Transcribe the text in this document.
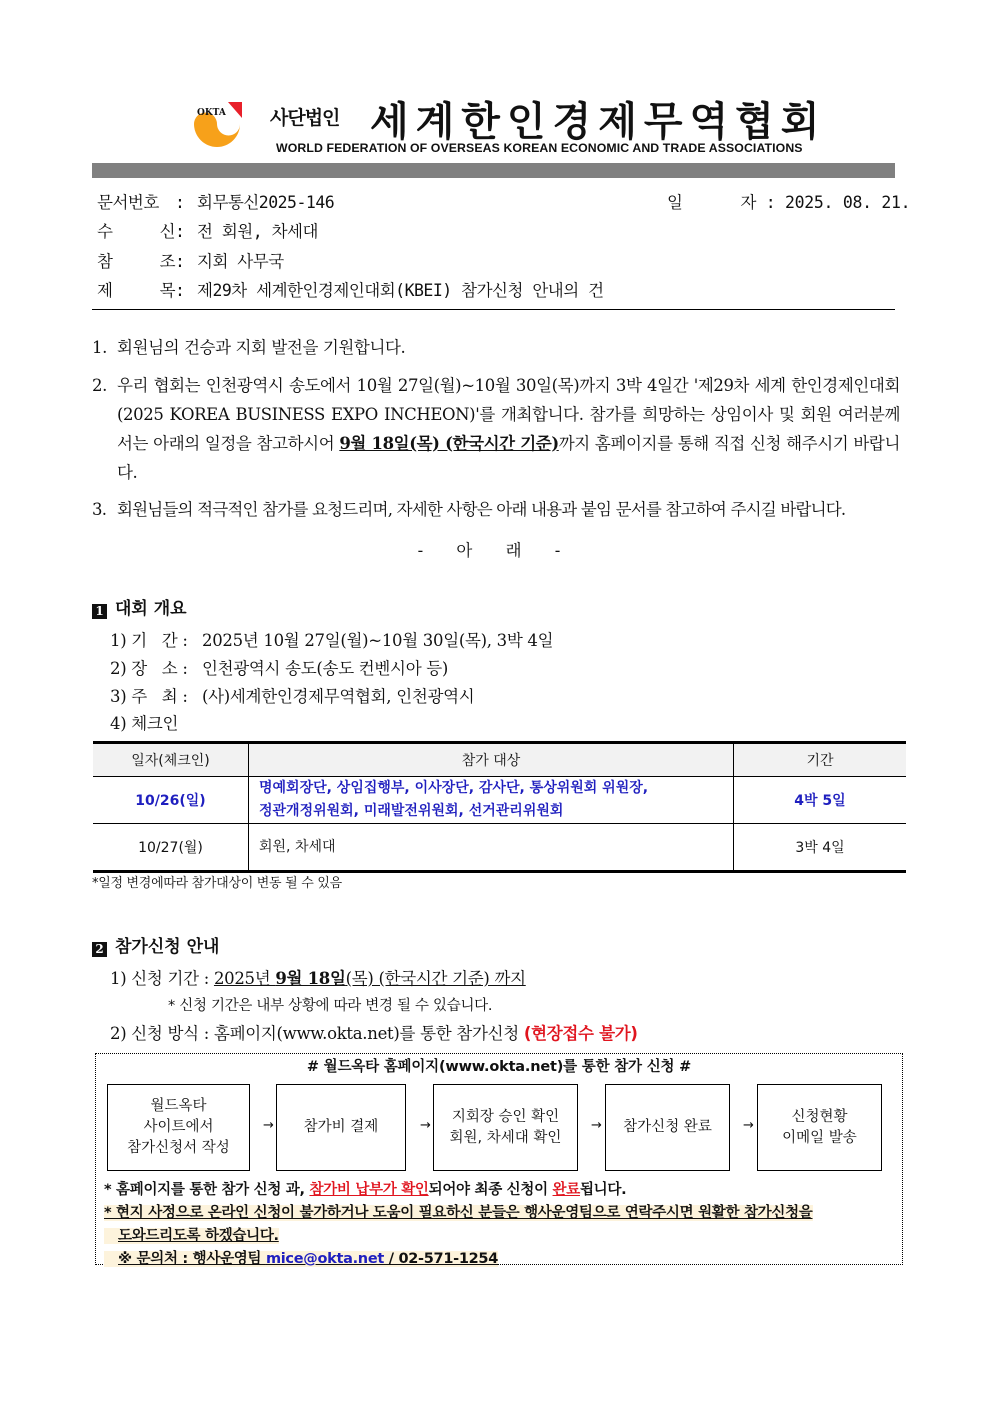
OKTA 사단법인 세계한인경제무역협회
WORLD FEDERATION OF OVERSEAS KOREAN ECONOMIC AND TRADE ASSOCIATIONS
문서번호 : 회무통신2025-146	일      자 : 2025. 08. 21.
수     신: 전 회원, 차세대
참     조: 지회 사무국
제     목: 제29차 세계한인경제인대회(KBEI) 참가신청 안내의 건
1. 회원님의 건승과 지회 발전을 기원합니다.
2. 우리 협회는 인천광역시 송도에서 10월 27일(월)~10월 30일(목)까지 3박 4일간 '제29차 세계 한인경제인대회(2025 KOREA BUSINESS EXPO INCHEON)'를 개최합니다. 참가를 희망하는 상임이사 및 회원 여러분께서는 아래의 일정을 참고하시어 9월 18일(목) (한국시간 기준)까지 홈페이지를 통해 직접 신청 해주시기 바랍니다.
3. 회원님들의 적극적인 참가를 요청드리며, 자세한 사항은 아래 내용과 붙임 문서를 참고하여 주시길 바랍니다.
- 아 래 -
1 대회 개요
1) 기   간 : 2025년 10월 27일(월)~10월 30일(목), 3박 4일
2) 장   소 : 인천광역시 송도(송도 컨벤시아 등)
3) 주   최 : (사)세계한인경제무역협회, 인천광역시
4) 체크인
일자(체크인)	참가 대상	기간
10/26(일)	명예회장단, 상임집행부, 이사장단, 감사단, 통상위원회 위원장,
정관개정위원회, 미래발전위원회, 선거관리위원회	4박 5일
10/27(월)	회원, 차세대	3박 4일
*일정 변경에따라 참가대상이 변동 될 수 있음
2 참가신청 안내
1) 신청 기간 : 2025년 9월 18일(목) (한국시간 기준) 까지
* 신청 기간은 내부 상황에 따라 변경 될 수 있습니다.
2) 신청 방식 : 홈페이지(www.okta.net)를 통한 참가신청 (현장접수 불가)
# 월드옥타 홈페이지(www.okta.net)를 통한 참가 신청 #
월드옥타
사이트에서
참가신청서 작성
→ 참가비 결제	→
지회장 승인 확인
회원, 차세대 확인
→ 참가신청 완료 →
신청현황
이메일 발송
* 홈페이지를 통한 참가 신청 과, 참가비 납부가 확인되어야 최종 신청이 완료됩니다.
* 현지 사정으로 온라인 신청이 불가하거나 도움이 필요하신 분들은 행사운영팀으로 연락주시면 원활한 참가신청을
도와드리도록 하겠습니다.
※ 문의처 : 행사운영팀 mice@okta.net / 02-571-1254
